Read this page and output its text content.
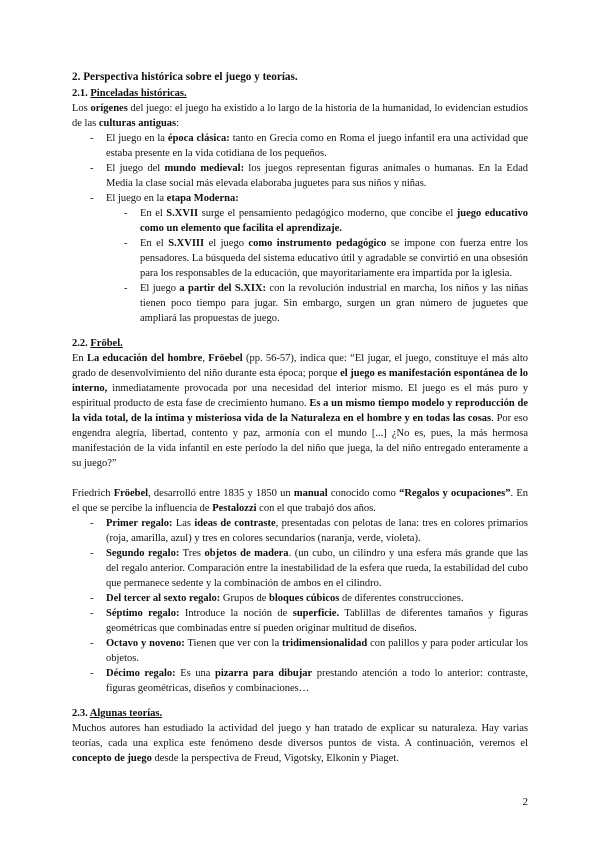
2. Perspectiva histórica sobre el juego y teorías.
2.1. Pinceladas históricas.

Los orígenes del juego: el juego ha existido a lo largo de la historia de la humanidad, lo evidencian estudios de las culturas antiguas:

- El juego en la época clásica: tanto en Grecia como en Roma el juego infantil era una actividad que estaba presente en la vida cotidiana de los pequeños.
- El juego del mundo medieval: los juegos representan figuras animales o humanas. En la Edad Media la clase social más elevada elaboraba juguetes para sus niños y niñas.
- El juego en la etapa Moderna:
- En el S.XVII surge el pensamiento pedagógico moderno, que concibe el juego educativo como un elemento que facilita el aprendizaje.
- En el S.XVIII el juego como instrumento pedagógico se impone con fuerza entre los pensadores. La búsqueda del sistema educativo útil y agradable se convirtió en una obsesión para los responsables de la educación, que mayoritariamente era impartida por la iglesia.
- El juego a partir del S.XIX: con la revolución industrial en marcha, los niños y las niñas tienen poco tiempo para jugar. Sin embargo, surgen un gran número de juguetes que ampliará las propuestas de juego.
2.2. Fröbel.

En La educación del hombre, Fröebel (pp. 56-57), indica que: “El jugar, el juego, constituye el más alto grado de desenvolvimiento del niño durante esta época; porque el juego es manifestación espontánea de lo interno, inmediatamente provocada por una necesidad del interior mismo. El juego es el más puro y espiritual producto de esta fase de crecimiento humano. Es a un mismo tiempo modelo y reproducción de la vida total, de la íntima y misteriosa vida de la Naturaleza en el hombre y en todas las cosas. Por eso engendra alegría, libertad, contento y paz, armonía con el mundo [...] ¿No es, pues, la más hermosa manifestación de la vida infantil en este período la del niño que juega, la del niño entregado enteramente a su juego?”

Friedrich Fröebel, desarrolló entre 1835 y 1850 un manual conocido como “Regalos y ocupaciones”. En el que se percibe la influencia de Pestalozzi con el que trabajó dos años.

- Primer regalo: Las ideas de contraste, presentadas con pelotas de lana: tres en colores primarios (roja, amarilla, azul) y tres en colores secundarios (naranja, verde, violeta).
- Segundo regalo: Tres objetos de madera. (un cubo, un cilindro y una esfera más grande que las del regalo anterior. Comparación entre la inestabilidad de la esfera que rueda, la estabilidad del cubo que permanece sedente y la combinación de ambos en el cilindro.
- Del tercer al sexto regalo: Grupos de bloques cúbicos de diferentes construcciones.
- Séptimo regalo: Introduce la noción de superficie. Tablillas de diferentes tamaños y figuras geométricas que combinadas entre sí pueden originar multitud de diseños.
- Octavo y noveno: Tienen que ver con la tridimensionalidad con palillos y para poder articular los objetos.
- Décimo regalo: Es una pizarra para dibujar prestando atención a todo lo anterior: contraste, figuras geométricas, diseños y combinaciones…
2.3. Algunas teorías.

Muchos autores han estudiado la actividad del juego y han tratado de explicar su naturaleza. Hay varias teorías, cada una explica este fenómeno desde diversos puntos de vista. A continuación, veremos el concepto de juego desde la perspectiva de Freud, Vigotsky, Elkonin y Piaget.

2
